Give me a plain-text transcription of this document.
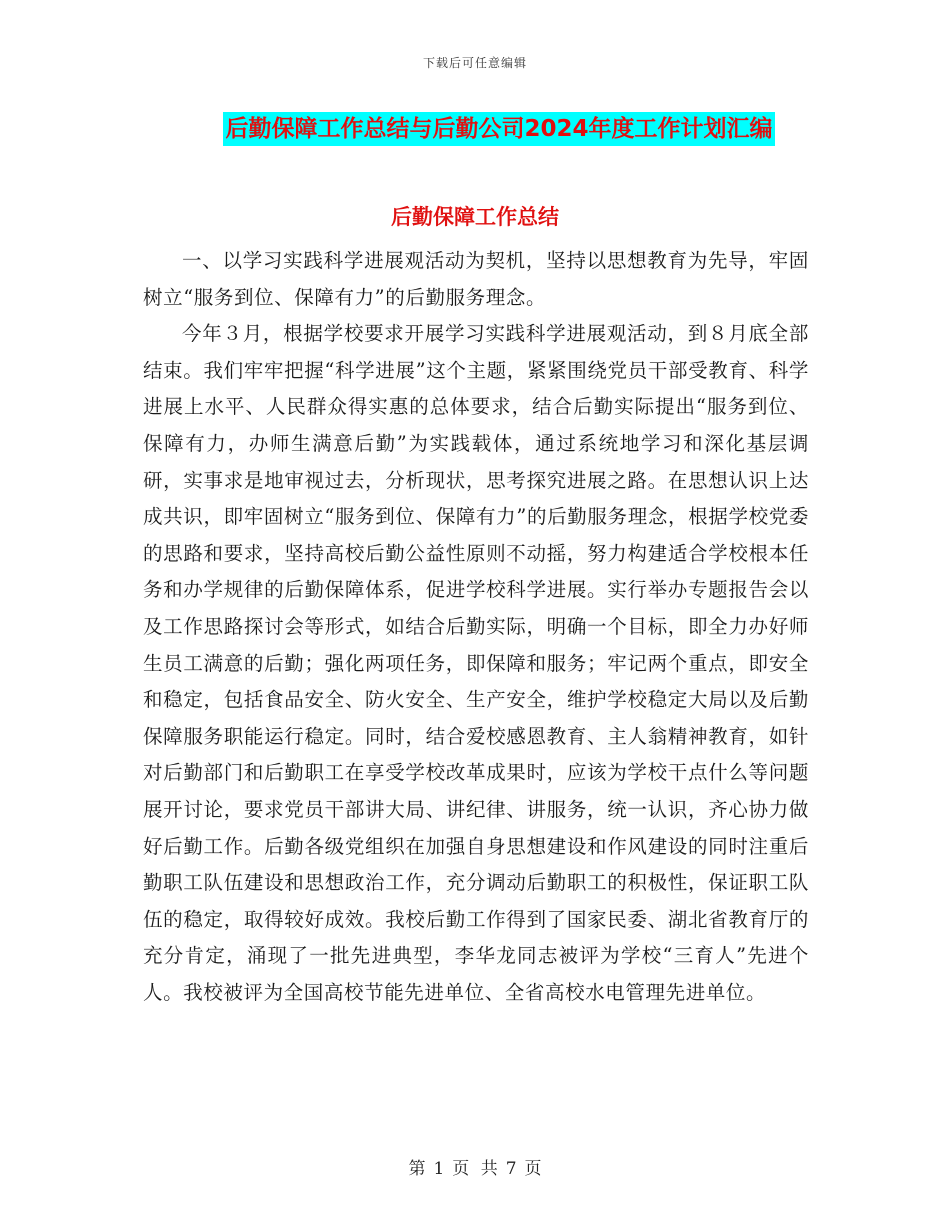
下载后可任意编辑
后勤保障工作总结与后勤公司2024年度工作计划汇编
后勤保障工作总结

一、以学习实践科学进展观活动为契机，坚持以思想教育为先导，牢固树立“服务到位、保障有力”的后勤服务理念。

今年３月，根据学校要求开展学习实践科学进展观活动，到８月底全部结束。我们牢牢把握“科学进展”这个主题，紧紧围绕党员干部受教育、科学进展上水平、人民群众得实惠的总体要求，结合后勤实际提出“服务到位、保障有力，办师生满意后勤”为实践载体，通过系统地学习和深化基层调研，实事求是地审视过去，分析现状，思考探究进展之路。在思想认识上达成共识，即牢固树立“服务到位、保障有力”的后勤服务理念，根据学校党委的思路和要求，坚持高校后勤公益性原则不动摇，努力构建适合学校根本任务和办学规律的后勤保障体系，促进学校科学进展。实行举办专题报告会以及工作思路探讨会等形式，如结合后勤实际，明确一个目标，即全力办好师生员工满意的后勤；强化两项任务，即保障和服务；牢记两个重点，即安全和稳定，包括食品安全、防火安全、生产安全，维护学校稳定大局以及后勤保障服务职能运行稳定。同时，结合爱校感恩教育、主人翁精神教育，如针对后勤部门和后勤职工在享受学校改革成果时，应该为学校干点什么等问题展开讨论，要求党员干部讲大局、讲纪律、讲服务，统一认识，齐心协力做好后勤工作。后勤各级党组织在加强自身思想建设和作风建设的同时注重后勤职工队伍建设和思想政治工作，充分调动后勤职工的积极性，保证职工队伍的稳定，取得较好成效。我校后勤工作得到了国家民委、湖北省教育厅的充分肯定，涌现了一批先进典型，李华龙同志被评为学校“三育人”先进个人。我校被评为全国高校节能先进单位、全省高校水电管理先进单位。

第 1 页 共 7 页
